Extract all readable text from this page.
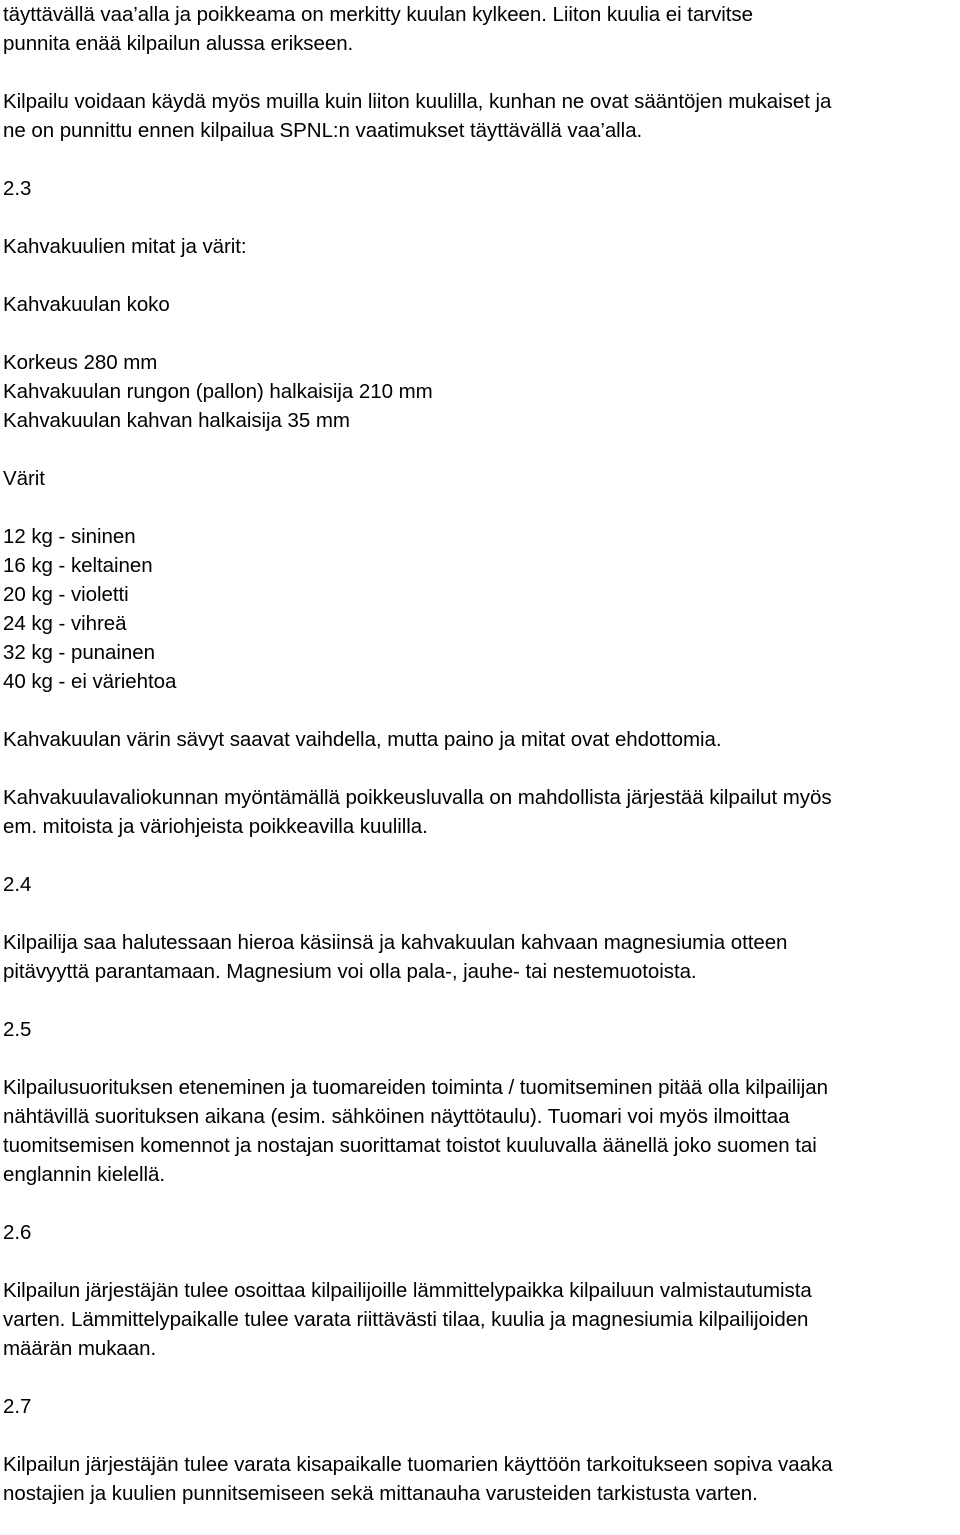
täyttävällä vaa’alla ja poikkeama on merkitty kuulan kylkeen. Liiton kuulia ei tarvitse
punnita enää kilpailun alussa erikseen.
Kilpailu voidaan käydä myös muilla kuin liiton kuulilla, kunhan ne ovat sääntöjen mukaiset ja
ne on punnittu ennen kilpailua SPNL:n vaatimukset täyttävällä vaa’alla.
2.3
Kahvakuulien mitat ja värit:
Kahvakuulan koko
Korkeus 280 mm
Kahvakuulan rungon (pallon) halkaisija 210 mm
Kahvakuulan kahvan halkaisija 35 mm
Värit
12 kg - sininen
16 kg - keltainen
20 kg - violetti
24 kg - vihreä
32 kg - punainen
40 kg - ei väriehtoa
Kahvakuulan värin sävyt saavat vaihdella, mutta paino ja mitat ovat ehdottomia.
Kahvakuulavaliokunnan myöntämällä poikkeusluvalla on mahdollista järjestää kilpailut myös
em. mitoista ja väriohjeista poikkeavilla kuulilla.
2.4
Kilpailija saa halutessaan hieroa käsiinsä ja kahvakuulan kahvaan magnesiumia otteen
pitävyyttä parantamaan. Magnesium voi olla pala-, jauhe- tai nestemuotoista.
2.5
Kilpailusuorituksen eteneminen ja tuomareiden toiminta / tuomitseminen pitää olla kilpailijan
nähtävillä suorituksen aikana (esim. sähköinen näyttötaulu). Tuomari voi myös ilmoittaa
tuomitsemisen komennot ja nostajan suorittamat toistot kuuluvalla äänellä joko suomen tai
englannin kielellä.
2.6
Kilpailun järjestäjän tulee osoittaa kilpailijoille lämmittelypaikka kilpailuun valmistautumista
varten. Lämmittelypaikalle tulee varata riittävästi tilaa, kuulia ja magnesiumia kilpailijoiden
määrän mukaan.
2.7
Kilpailun järjestäjän tulee varata kisapaikalle tuomarien käyttöön tarkoitukseen sopiva vaaka
nostajien ja kuulien punnitsemiseen sekä mittanauha varusteiden tarkistusta varten.
